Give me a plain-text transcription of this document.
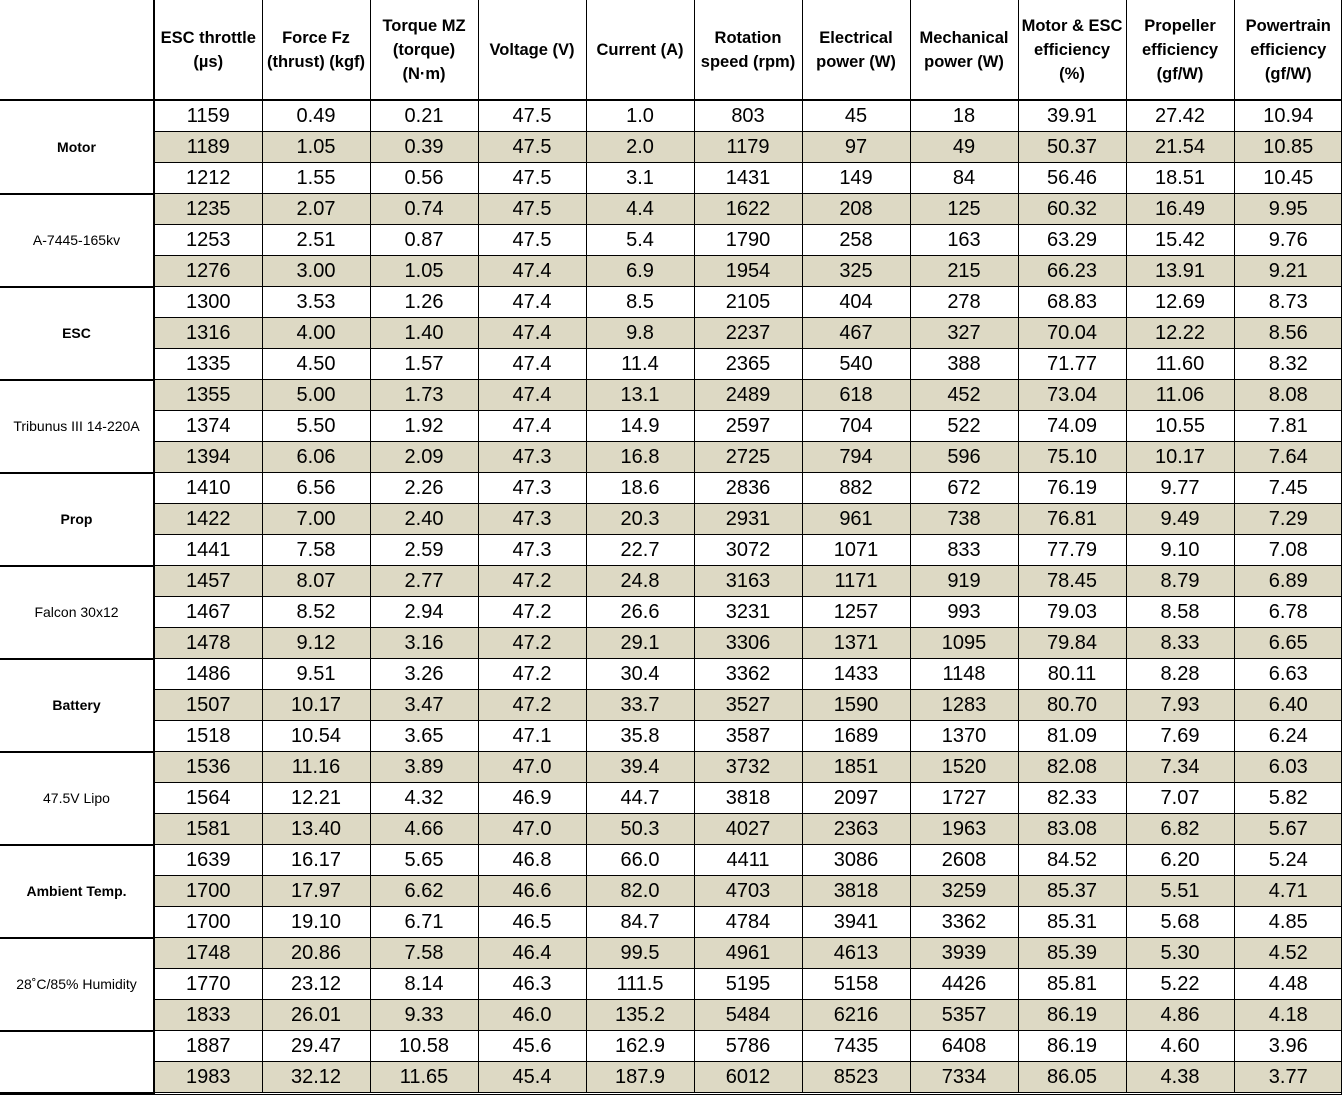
	ESC throttle (µs)	Force Fz (thrust) (kgf)	Torque MZ (torque) (N·m)	Voltage (V)	Current (A)	Rotation speed (rpm)	Electrical power (W)	Mechanical power (W)	Motor & ESC efficiency (%)	Propeller efficiency (gf/W)	Powertrain efficiency (gf/W)
Motor	1159	0.49	0.21	47.5	1.0	803	45	18	39.91	27.42	10.94
	1189	1.05	0.39	47.5	2.0	1179	97	49	50.37	21.54	10.85
	1212	1.55	0.56	47.5	3.1	1431	149	84	56.46	18.51	10.45
A-7445-165kv	1235	2.07	0.74	47.5	4.4	1622	208	125	60.32	16.49	9.95
	1253	2.51	0.87	47.5	5.4	1790	258	163	63.29	15.42	9.76
	1276	3.00	1.05	47.4	6.9	1954	325	215	66.23	13.91	9.21
ESC	1300	3.53	1.26	47.4	8.5	2105	404	278	68.83	12.69	8.73
	1316	4.00	1.40	47.4	9.8	2237	467	327	70.04	12.22	8.56
	1335	4.50	1.57	47.4	11.4	2365	540	388	71.77	11.60	8.32
Tribunus III 14-220A	1355	5.00	1.73	47.4	13.1	2489	618	452	73.04	11.06	8.08
	1374	5.50	1.92	47.4	14.9	2597	704	522	74.09	10.55	7.81
	1394	6.06	2.09	47.3	16.8	2725	794	596	75.10	10.17	7.64
Prop	1410	6.56	2.26	47.3	18.6	2836	882	672	76.19	9.77	7.45
	1422	7.00	2.40	47.3	20.3	2931	961	738	76.81	9.49	7.29
	1441	7.58	2.59	47.3	22.7	3072	1071	833	77.79	9.10	7.08
Falcon 30x12	1457	8.07	2.77	47.2	24.8	3163	1171	919	78.45	8.79	6.89
	1467	8.52	2.94	47.2	26.6	3231	1257	993	79.03	8.58	6.78
	1478	9.12	3.16	47.2	29.1	3306	1371	1095	79.84	8.33	6.65
Battery	1486	9.51	3.26	47.2	30.4	3362	1433	1148	80.11	8.28	6.63
	1507	10.17	3.47	47.2	33.7	3527	1590	1283	80.70	7.93	6.40
	1518	10.54	3.65	47.1	35.8	3587	1689	1370	81.09	7.69	6.24
47.5V Lipo	1536	11.16	3.89	47.0	39.4	3732	1851	1520	82.08	7.34	6.03
	1564	12.21	4.32	46.9	44.7	3818	2097	1727	82.33	7.07	5.82
	1581	13.40	4.66	47.0	50.3	4027	2363	1963	83.08	6.82	5.67
Ambient Temp.	1639	16.17	5.65	46.8	66.0	4411	3086	2608	84.52	6.20	5.24
	1700	17.97	6.62	46.6	82.0	4703	3818	3259	85.37	5.51	4.71
	1700	19.10	6.71	46.5	84.7	4784	3941	3362	85.31	5.68	4.85
28˚C/85% Humidity	1748	20.86	7.58	46.4	99.5	4961	4613	3939	85.39	5.30	4.52
	1770	23.12	8.14	46.3	111.5	5195	5158	4426	85.81	5.22	4.48
	1833	26.01	9.33	46.0	135.2	5484	6216	5357	86.19	4.86	4.18
	1887	29.47	10.58	45.6	162.9	5786	7435	6408	86.19	4.60	3.96
	1983	32.12	11.65	45.4	187.9	6012	8523	7334	86.05	4.38	3.77
